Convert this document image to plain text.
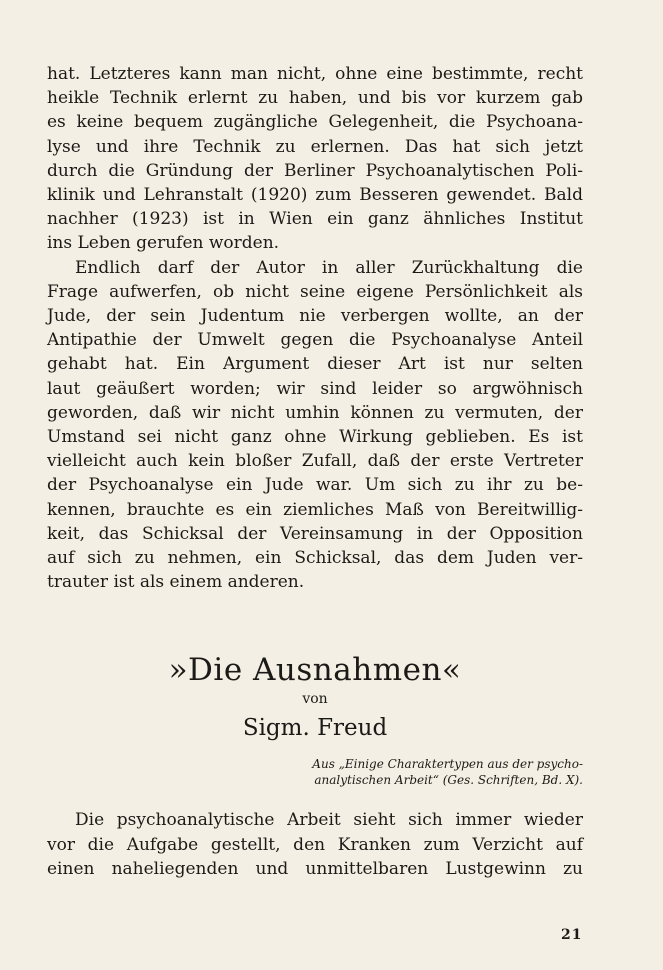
hat. Letzteres kann man nicht, ohne eine bestimmte, recht
heikle Technik erlernt zu haben, und bis vor kurzem gab
es keine bequem zugängliche Gelegenheit, die Psychoana-
lyse und ihre Technik zu erlernen. Das hat sich jetzt
durch die Gründung der Berliner Psychoanalytischen Poli-
klinik und Lehranstalt (1920) zum Besseren gewendet. Bald
nachher (1923) ist in Wien ein ganz ähnliches Institut
ins Leben gerufen worden.

Endlich darf der Autor in aller Zurückhaltung die
Frage aufwerfen, ob nicht seine eigene Persönlichkeit als
Jude, der sein Judentum nie verbergen wollte, an der
Antipathie der Umwelt gegen die Psychoanalyse Anteil
gehabt hat. Ein Argument dieser Art ist nur selten
laut geäußert worden; wir sind leider so argwöhnisch
geworden, daß wir nicht umhin können zu vermuten, der
Umstand sei nicht ganz ohne Wirkung geblieben. Es ist
vielleicht auch kein bloßer Zufall, daß der erste Vertreter
der Psychoanalyse ein Jude war. Um sich zu ihr zu be-
kennen, brauchte es ein ziemliches Maß von Bereitwillig-
keit, das Schicksal der Vereinsamung in der Opposition
auf sich zu nehmen, ein Schicksal, das dem Juden ver-
trauter ist als einem anderen.

»Die Ausnahmen«
von
Sigm. Freud
Aus „Einige Charaktertypen aus der psycho-
analytischen Arbeit“ (Ges. Schriften, Bd. X).

Die psychoanalytische Arbeit sieht sich immer wieder
vor die Aufgabe gestellt, den Kranken zum Verzicht auf
einen naheliegenden und unmittelbaren Lustgewinn zu

21
